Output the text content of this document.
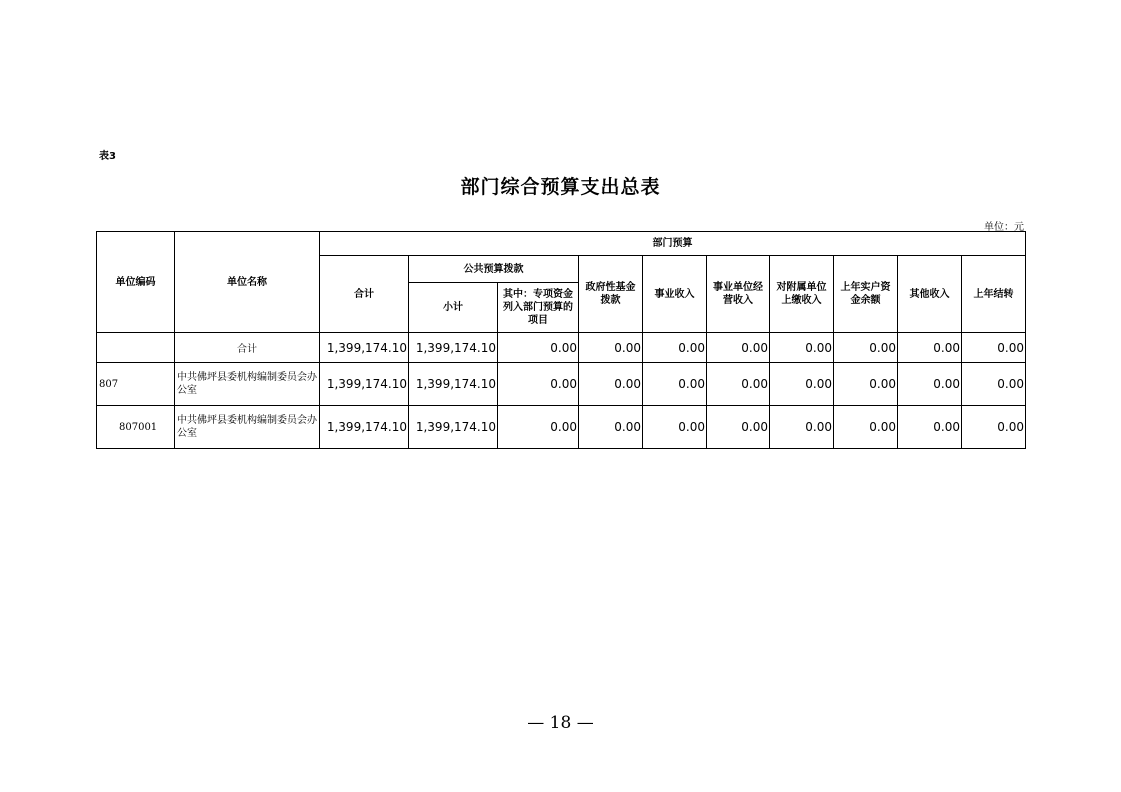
表3
部门综合预算支出总表
单位：元
单位编码	单位名称	部门预算									
		合计	公共预算拨款		政府性基金拨款	事业收入	事业单位经营收入	对附属单位上缴收入	上年实户资金余额	其他收入	上年结转
			小计	其中：专项资金列入部门预算的项目							
	合计	1,399,174.10	1,399,174.10	0.00	0.00	0.00	0.00	0.00	0.00	0.00	0.00
807	中共佛坪县委机构编制委员会办公室	1,399,174.10	1,399,174.10	0.00	0.00	0.00	0.00	0.00	0.00	0.00	0.00
807001	中共佛坪县委机构编制委员会办公室	1,399,174.10	1,399,174.10	0.00	0.00	0.00	0.00	0.00	0.00	0.00	0.00
— 18 —
